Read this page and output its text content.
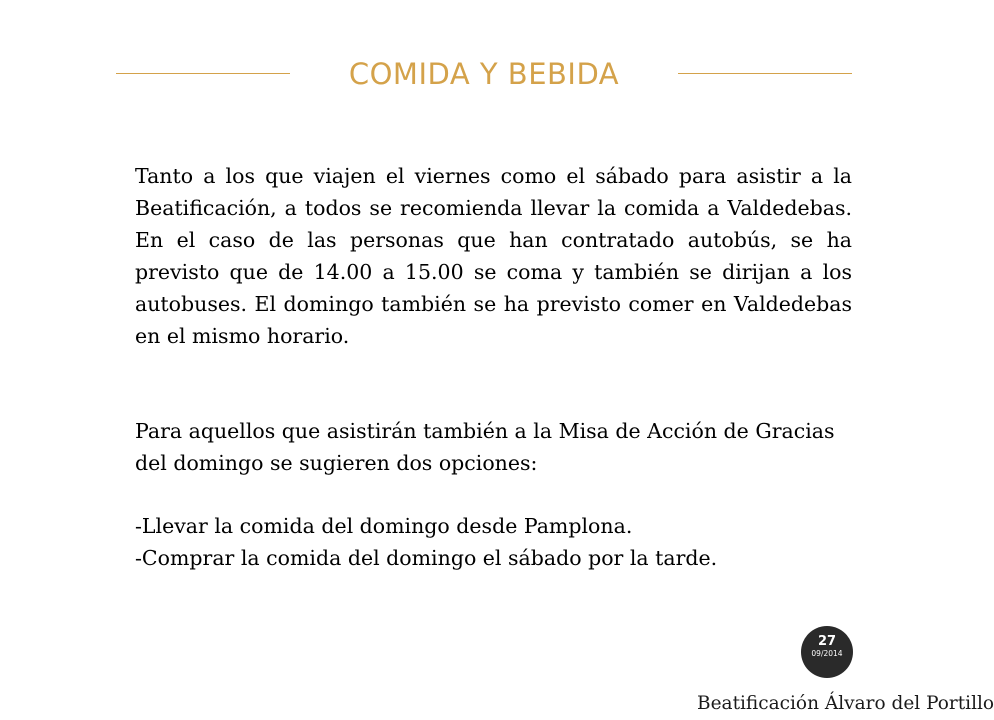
COMIDA Y BEBIDA

Tanto a los que viajen el viernes como el sábado para asistir a la Beatificación, a todos se recomienda llevar la comida a Valdedebas. En el caso de las personas que han contratado autobús, se ha previsto que de 14.00 a 15.00 se coma y también se dirijan a los autobuses. El domingo también se ha previsto comer en Valdedebas en el mismo horario.

Para aquellos que asistirán también a la Misa de Acción de Gracias del domingo se sugieren dos opciones:

-Llevar la comida del domingo desde Pamplona.
-Comprar la comida del domingo el sábado por la tarde.
27
09/2014
Beatificación Álvaro del Portillo
